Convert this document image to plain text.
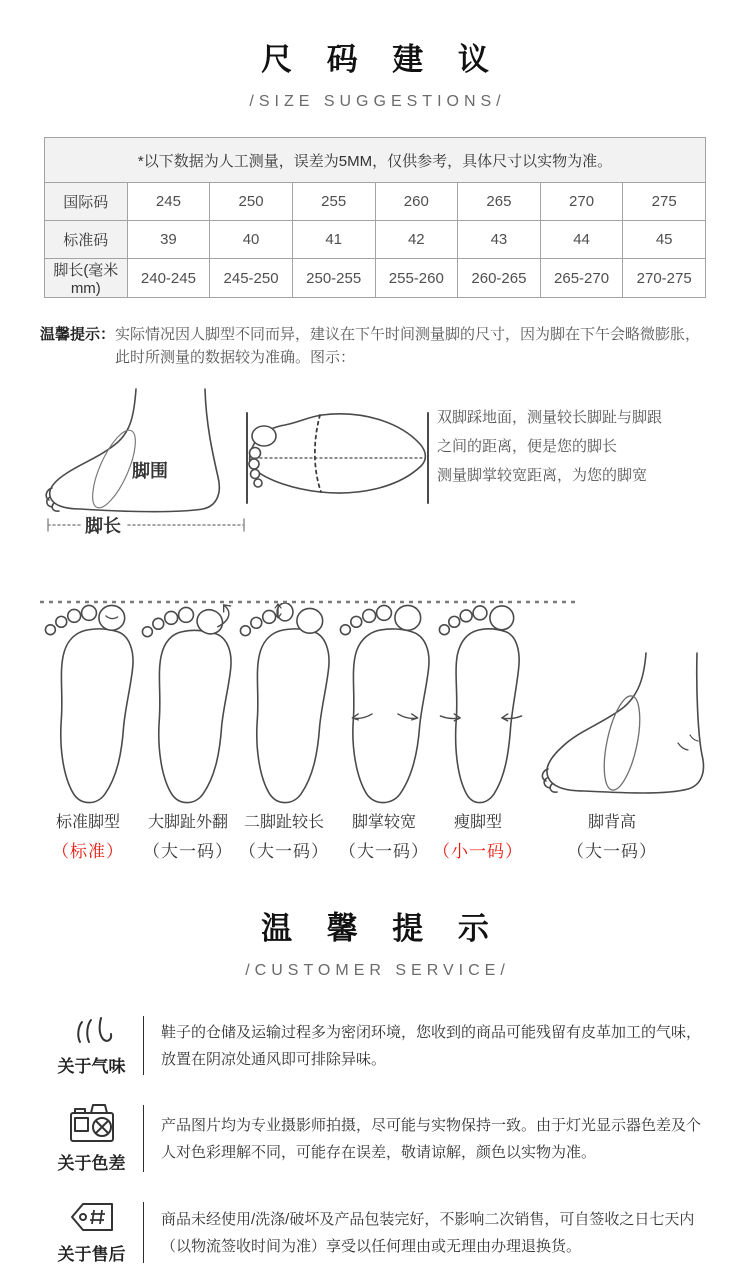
尺 码 建 议
/SIZE SUGGESTIONS/
*以下数据为人工测量，误差为5MM，仅供参考，具体尺寸以实物为准。							
国际码	245	250	255	260	265	270	275
标准码	39	40	41	42	43	44	45
脚长(毫米mm)	240-245	245-250	250-255	255-260	260-265	265-270	270-275
温馨提示： 实际情况因人脚型不同而异，建议在下午时间测量脚的尺寸，因为脚在下午会略微膨胀，此时所测量的数据较为准确。图示：
脚围
脚长
双脚踩地面，测量较长脚趾与脚跟
之间的距离，便是您的脚长
测量脚掌较宽距离，为您的脚宽
标准脚型
（标准）
大脚趾外翻
（大一码）
二脚趾较长
（大一码）
脚掌较宽
（大一码）
瘦脚型
（小一码）
脚背高
（大一码）
温 馨 提 示
/CUSTOMER SERVICE/
关于气味
鞋子的仓储及运输过程多为密闭环境，您收到的商品可能残留有皮革加工的气味，放置在阴凉处通风即可排除异味。
关于色差
产品图片均为专业摄影师拍摄，尽可能与实物保持一致。由于灯光显示器色差及个人对色彩理解不同，可能存在误差，敬请谅解，颜色以实物为准。
关于售后
商品未经使用/洗涤/破坏及产品包装完好，不影响二次销售，可自签收之日七天内（以物流签收时间为准）享受以任何理由或无理由办理退换货。
